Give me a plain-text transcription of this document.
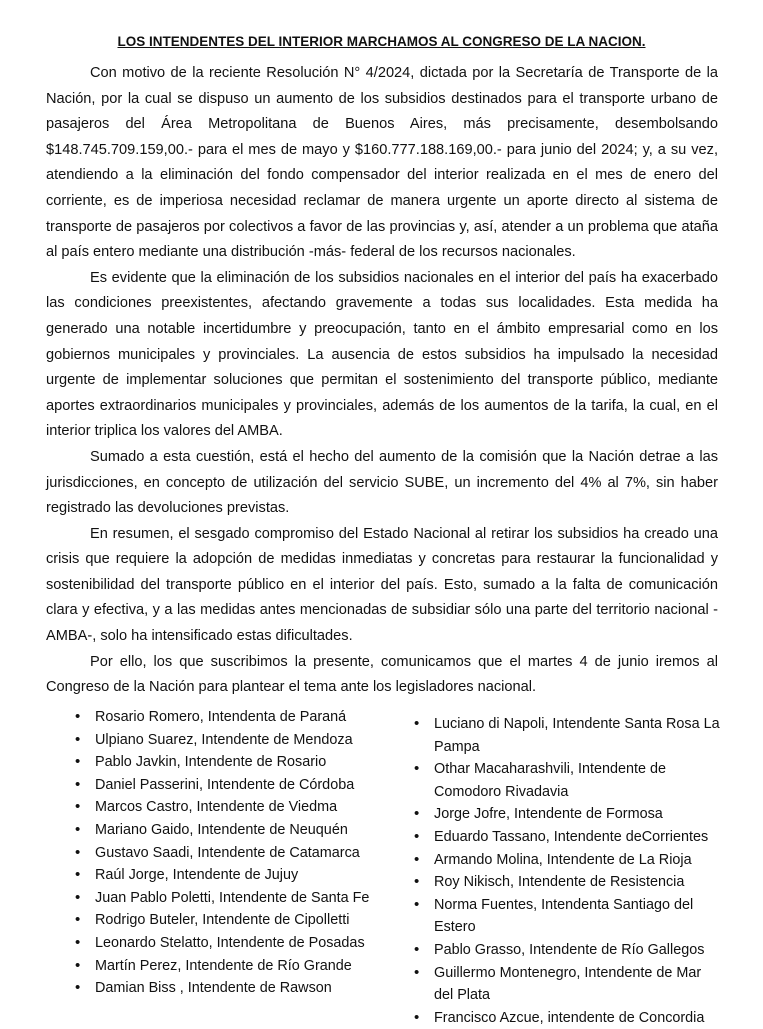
LOS INTENDENTES DEL INTERIOR MARCHAMOS AL CONGRESO DE LA NACION.

Con motivo de la reciente Resolución N° 4/2024, dictada por la Secretaría de Transporte de la Nación, por la cual se dispuso un aumento de los subsidios destinados para el transporte urbano de pasajeros del Área Metropolitana de Buenos Aires, más precisamente, desembolsando $148.745.709.159,00.- para el mes de mayo y $160.777.188.169,00.- para junio del 2024; y, a su vez, atendiendo a la eliminación del fondo compensador del interior realizada en el mes de enero del corriente, es de imperiosa necesidad reclamar de manera urgente un aporte directo al sistema de transporte de pasajeros por colectivos a favor de las provincias y, así, atender a un problema que ataña al país entero mediante una distribución -más- federal de los recursos nacionales.

Es evidente que la eliminación de los subsidios nacionales en el interior del país ha exacerbado las condiciones preexistentes, afectando gravemente a todas sus localidades. Esta medida ha generado una notable incertidumbre y preocupación, tanto en el ámbito empresarial como en los gobiernos municipales y provinciales. La ausencia de estos subsidios ha impulsado la necesidad urgente de implementar soluciones que permitan el sostenimiento del transporte público, mediante aportes extraordinarios municipales y provinciales, además de los aumentos de la tarifa, la cual, en el interior triplica los valores del AMBA.

Sumado a esta cuestión, está el hecho del aumento de la comisión que la Nación detrae a las jurisdicciones, en concepto de utilización del servicio SUBE, un incremento del 4% al 7%, sin haber registrado las devoluciones previstas.

En resumen, el sesgado compromiso del Estado Nacional al retirar los subsidios ha creado una crisis que requiere la adopción de medidas inmediatas y concretas para restaurar la funcionalidad y sostenibilidad del transporte público en el interior del país. Esto, sumado a la falta de comunicación clara y efectiva, y a las medidas antes mencionadas de subsidiar sólo una parte del territorio nacional -AMBA-, solo ha intensificado estas dificultades.

Por ello, los que suscribimos la presente, comunicamos que el martes 4 de junio iremos al Congreso de la Nación para plantear el tema ante los legisladores nacional.

• Rosario Romero, Intendenta de Paraná
• Ulpiano Suarez, Intendente de Mendoza
• Pablo Javkin, Intendente de Rosario
• Daniel Passerini, Intendente de Córdoba
• Marcos Castro, Intendente de Viedma
• Mariano Gaido, Intendente de Neuquén
• Gustavo Saadi, Intendente de Catamarca
• Raúl Jorge, Intendente de Jujuy
• Juan Pablo Poletti, Intendente de Santa Fe
• Rodrigo Buteler, Intendente de Cipolletti
• Leonardo Stelatto, Intendente de Posadas
• Martín Perez, Intendente de Río Grande
• Damian Biss , Intendente de Rawson
• Luciano di Napoli, Intendente Santa Rosa La Pampa
• Othar Macaharashvili, Intendente de Comodoro Rivadavia
• Jorge Jofre, Intendente de Formosa
• Eduardo Tassano, Intendente deCorrientes
• Armando Molina, Intendente de La Rioja
• Roy Nikisch, Intendente de Resistencia
• Norma Fuentes, Intendenta Santiago del Estero
• Pablo Grasso, Intendente de Río Gallegos
• Guillermo Montenegro, Intendente de Mar del Plata
• Francisco Azcue, intendente de Concordia
